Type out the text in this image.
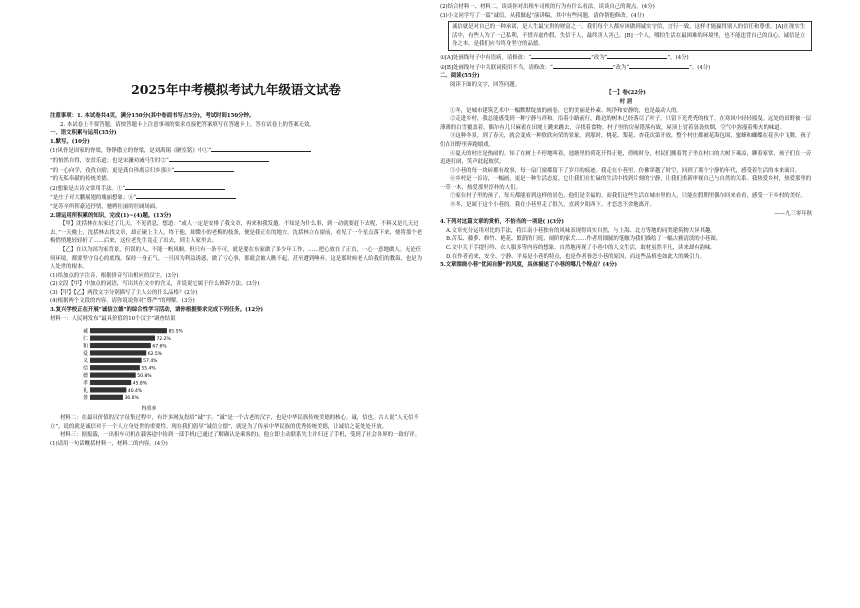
2025年中考模拟考试九年级语文试卷
注意事项：1. 本试卷共4页，满分150分(其中卷面书写占5分)，考试时间150分钟。
2. 本试卷上不要答题，请按答题卡上注意事项的要求直接把答案填写在答题卡上，答在试卷上的答案无效。
一、语文积累与运用(35分)
1.默写。(10分)
(1)风骨是国家的脊梁，铮铮傲立的脊梁，是刘禹锡《陋室铭》中①“
”的怡然自得，安贫乐道；也是宋濂劝诫马生时②“
”的一心向学，孜孜自励；更是龚自珍离京归乡那④“
”的无私奉献的传统美德。
(2)想象是古诗文常用手法。①“
”是庄子对大鹏展翅的瑰丽想象；⑥“
”是苏辛所挥豪迈抒情，驰骋壮丽的壮阔场面。
2.请运用所积累的知识，完成(1)~(4)题。(13分)
【甲】沈括林在东家过了几天，不见消息，想道：“或人一定是安排了我文章，再来和我发邀。不知是为什么事，到一动就要赶下去呢，不料又是几天过去。”一天晚上，沈括林去找文章，却正碰上主人，终于他，却微小的老梅的枝条，便是我正在的地方。沈括林立在窗前，看见了一个星点落下来，便将那个老梅悄悄地轻轻折了……后来，这位老先生竟走了出去，到主人家里去。
【乙】在以为国为家背景，但误的人，不能一帆风顺。但只有一条不可，就是要在东家做了多少年工作，……把心放在了正直，一心一意地做人。无论任何环境，都要坚守良心的底线，保持一身正气。一旦因为利益诱惑，做了亏心事，那就会被人瞧不起，甚至遭到唾弃。这是那时候老人给我们的教诲，也是为人处世的根本。
(1)给加点的字注音，根据拼音写出相应的汉字。(3分)
(2)文段【甲】中加点的词语，写出其在文中的含义，并说说它属于什么修辞方法。(3分)
(3)【甲】【乙】两段文字分别描写了主人公的什么品格？(2分)
(4)根据两个文段的内容，请你说说你对“尊严”的理解。(3分)
3.复兴学校正在开展“诚信立德”的综合性学习活动，请你根据要求完成下列任务。(12分)
材料一：人民网发布“最具价值的10个汉字”调查结果
诚	85.5%
仁	72.2%
和	67.6%
爱	62.5%
义	57.4%
信	55.4%
德	50.8%
孝	45.8%
礼	40.4%
善	36.6%
得票率
材料二：在最具价值的汉字征集过程中，有许多网友投给“诚”字。“诚”是一个古老的汉字，也是中华民族传统美德的核心。诚，信也。古人说“人无信不立”，说的就是诚信对于一个人立身处世的重要性。现在我们倡导“诚信立德”，就是为了传承中华民族的优秀传统美德，让诚信之花处处开放。
材料三：据报载，一出租车司机在载客途中捡到一部手机(已通过了解确认是乘客的)，他立即主动联系失主并归还了手机，受到了社会各界的一致好评。
(1)请用一句话概括材料一、材料二的内容。(4分)
(2)结合材料一、材料二，谈谈你对出租车司机的行为有什么看法，谈谈自己的观点。(4分)
(3)小文同学写了一篇“诚信，从我做起”演讲稿，其中有些问题，请你帮他修改。(4分)
诚信就是对自己的一种承诺，是人生最宝贵的财富之一。我们每个人都应该做到诚实守信，言行一致，这样才能赢得别人的信任和尊重。[A]在现实生活中，有些人为了一己私利，不惜弄虚作假，失信于人，最终害人害己。[B]一个人，哪怕生活在最困难的环境里，也不能违背自己的良心。诚信是立身之本，是我们应当终身坚守的品德。
①[A]处画线句子中有语病，请修改：“	”改为“	”。(4分)
②[B]处画线句子中关联词使用不当，请修改：“	”改为“	”。(4分)
二、阅读(55分)
阅读下面的文字，回答问题。
【一】卷(22分)
村 居
①冬，是城市建筑艺术中一幅默默绽放的画卷，它的美丽是朴素、纯净和安静的，也是最动人的。
②走进乡村，我总能感受到一种宁静与祥和。沿着小路前行，路边的树木已经落尽了叶子，只留下光秃秃的枝丫，在寒风中轻轻摇曳。远处的田野被一层薄薄的白雪覆盖着，偶尔有几只麻雀在田埂上跳来跳去，寻找着食物。村子里的房屋错落有致，屋顶上冒着袅袅炊烟，空气中弥漫着柴火的味道。
③这种冬景，到了春天，就会变成一种欣欣向荣的景象。到那时，桃花、梨花、杏花次第开放，整个村庄都被花海包围，蜜蜂和蝴蝶在花丛中飞舞，孩子们在田野里奔跑嬉戏。
④夏天的村庄是热闹的。知了在树上不停地叫着，池塘里的荷花开得正艳，傍晚时分，村民们搬着凳子坐在村口的大树下乘凉，聊着家常，孩子们在一旁追逐打闹，笑声此起彼伏。
⑤小巷的每一块砖都有故事，每一扇门窗都留下了岁月的痕迹。我走在小巷里，仿佛穿越了时空，回到了那个宁静的年代，感受着生活的本来面目。
⑥乡村是一首诗，一幅画，更是一种生活态度。它让我们在忙碌的生活中找到片刻的宁静，让我们重新审视自己与自然的关系。我热爱乡村，热爱那里的一草一木，热爱那里淳朴的人们。
⑦家在村子里的孩子，每天都能看到这样的景色，他们是幸福的。而我们这些生活在城市里的人，只能在假期里偶尔回来看看，感受一下乡村的美好。
⑧冬，是属于这个小巷的。我在小巷里走了很久，直到夕阳西下，才恋恋不舍地离开。
——九三零年秋
4.下列对这篇文章的赏析，不恰当的一项是( )(3分)
A.文章充分运用对比的手法，将江南小巷独有的风味表现得真实自然，与上海、北方等地的同类建筑物大异其趣。
B.苦瓜、藤萝、修竹、艳花、繁荫的门庭、闹阶的家犬……作者用细腻的笔触为我们描绘了一幅古雅清淡的小巷图。
C.文中关于手提行吟、衣人服多等内容的想象，自然地再现了小巷中的人文生活，取材虽然平凡，读来却有韵味。
D.在作者看来，安全、宁静、平易是小巷的特点，也是作者眷恋小巷的原因，而这些品格也如此大的吸引力。
5.文章围绕小巷“优闲自静”的风度，具体描述了小巷的哪几个特点？(4分)
